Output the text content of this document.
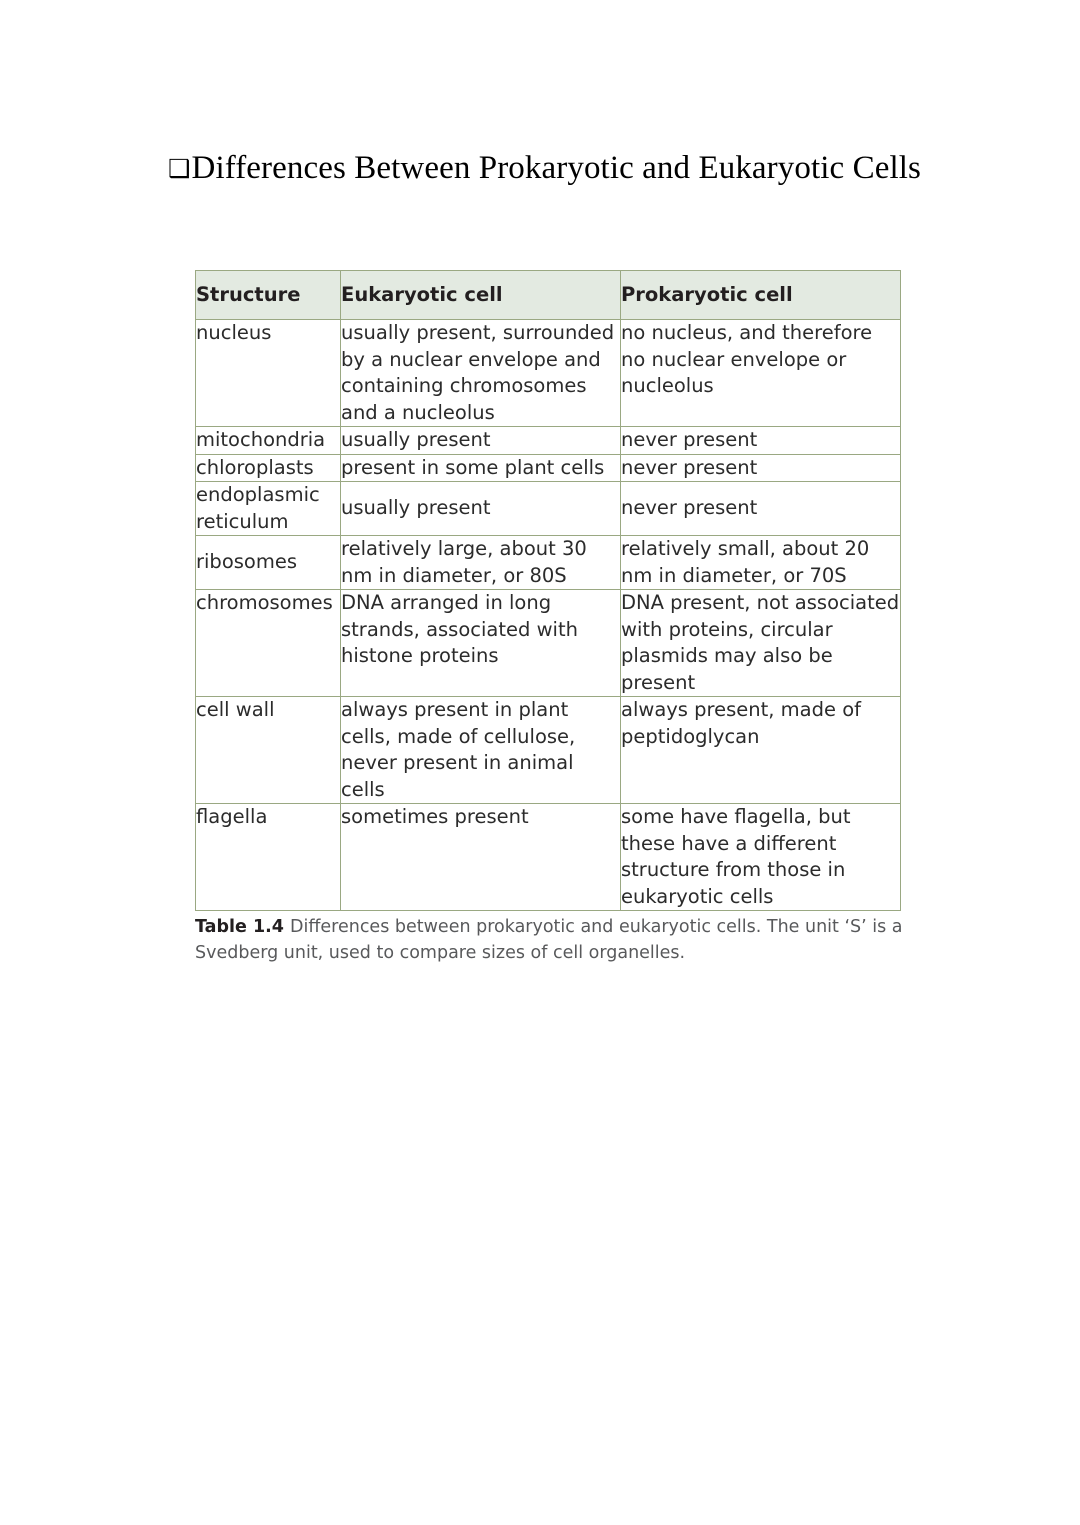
❑Differences Between Prokaryotic and Eukaryotic Cells
Structure	Eukaryotic cell	Prokaryotic cell
nucleus	usually present, surrounded by a nuclear envelope and containing chromosomes and a nucleolus	no nucleus, and therefore no nuclear envelope or nucleolus
mitochondria	usually present	never present
chloroplasts	present in some plant cells	never present
endoplasmic reticulum	usually present	never present
ribosomes	relatively large, about 30 nm in diameter, or 80S	relatively small, about 20 nm in diameter, or 70S
chromosomes	DNA arranged in long strands, associated with histone proteins	DNA present, not associated with proteins, circular plasmids may also be present
cell wall	always present in plant cells, made of cellulose, never present in animal cells	always present, made of peptidoglycan
flagella	sometimes present	some have flagella, but these have a different structure from those in eukaryotic cells

Table 1.4 Differences between prokaryotic and eukaryotic cells. The unit ‘S’ is a Svedberg unit, used to compare sizes of cell organelles.
